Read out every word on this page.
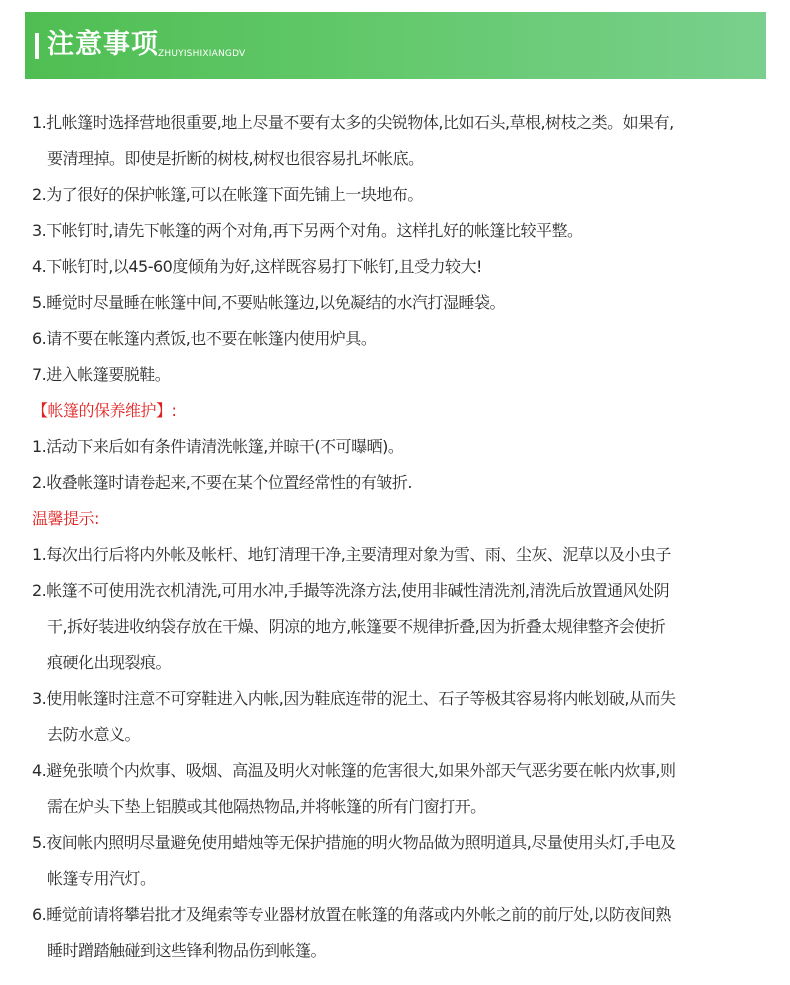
注意事项 ZHUYISHIXIANGDV
1.扎帐篷时选择营地很重要,地上尽量不要有太多的尖锐物体,比如石头,草根,树枝之类。如果有,
要清理掉。即使是折断的树枝,树杈也很容易扎坏帐底。
2.为了很好的保护帐篷,可以在帐篷下面先铺上一块地布。
3.下帐钉时,请先下帐篷的两个对角,再下另两个对角。这样扎好的帐篷比较平整。
4.下帐钉时,以45-60度倾角为好,这样既容易打下帐钉,且受力较大!
5.睡觉时尽量睡在帐篷中间,不要贴帐篷边,以免凝结的水汽打湿睡袋。
6.请不要在帐篷内煮饭,也不要在帐篷内使用炉具。
7.进入帐篷要脱鞋。
【帐篷的保养维护】:
1.活动下来后如有条件请清洗帐篷,并晾干(不可曝晒)。
2.收叠帐篷时请卷起来,不要在某个位置经常性的有皱折.
温馨提示:
1.每次出行后将内外帐及帐杆、地钉清理干净,主要清理对象为雪、雨、尘灰、泥草以及小虫子
2.帐篷不可使用洗衣机清洗,可用水冲,手撮等洗涤方法,使用非碱性清洗剂,清洗后放置通风处阴
干,拆好装进收纳袋存放在干燥、阴凉的地方,帐篷要不规律折叠,因为折叠太规律整齐会使折
痕硬化出现裂痕。
3.使用帐篷时注意不可穿鞋进入内帐,因为鞋底连带的泥土、石子等极其容易将内帐划破,从而失
去防水意义。
4.避免张喷个内炊事、吸烟、高温及明火对帐篷的危害很大,如果外部天气恶劣要在帐内炊事,则
需在炉头下垫上铝膜或其他隔热物品,并将帐篷的所有门窗打开。
5.夜间帐内照明尽量避免使用蜡烛等无保护措施的明火物品做为照明道具,尽量使用头灯,手电及
帐篷专用汽灯。
6.睡觉前请将攀岩批才及绳索等专业器材放置在帐篷的角落或内外帐之前的前厅处,以防夜间熟
睡时蹭踏触碰到这些锋利物品伤到帐篷。
